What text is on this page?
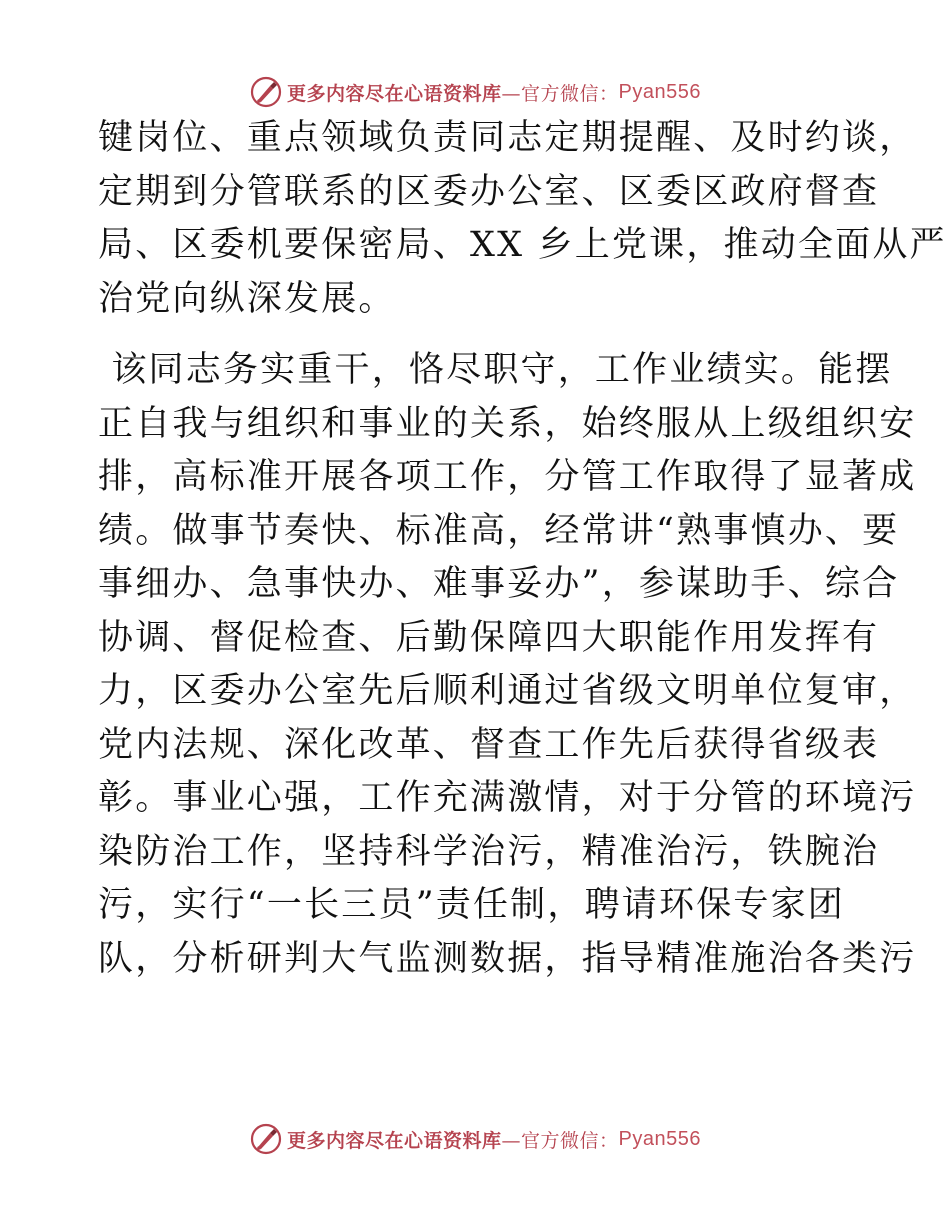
更多内容尽在心语资料库 —官方微信： Pyan556
键岗位、重点领域负责同志定期提醒、及时约谈，
定期到分管联系的区委办公室、区委区政府督查
局、区委机要保密局、XX 乡上党课，推动全面从严
治党向纵深发展。
该同志务实重干，恪尽职守，工作业绩实。能摆
正自我与组织和事业的关系，始终服从上级组织安
排，高标准开展各项工作，分管工作取得了显著成
绩。做事节奏快、标准高，经常讲“熟事慎办、要
事细办、急事快办、难事妥办”，参谋助手、综合
协调、督促检查、后勤保障四大职能作用发挥有
力，区委办公室先后顺利通过省级文明单位复审，
党内法规、深化改革、督查工作先后获得省级表
彰。事业心强，工作充满激情，对于分管的环境污
染防治工作，坚持科学治污，精准治污，铁腕治
污，实行“一长三员”责任制，聘请环保专家团
队，分析研判大气监测数据，指导精准施治各类污
更多内容尽在心语资料库 —官方微信： Pyan556
